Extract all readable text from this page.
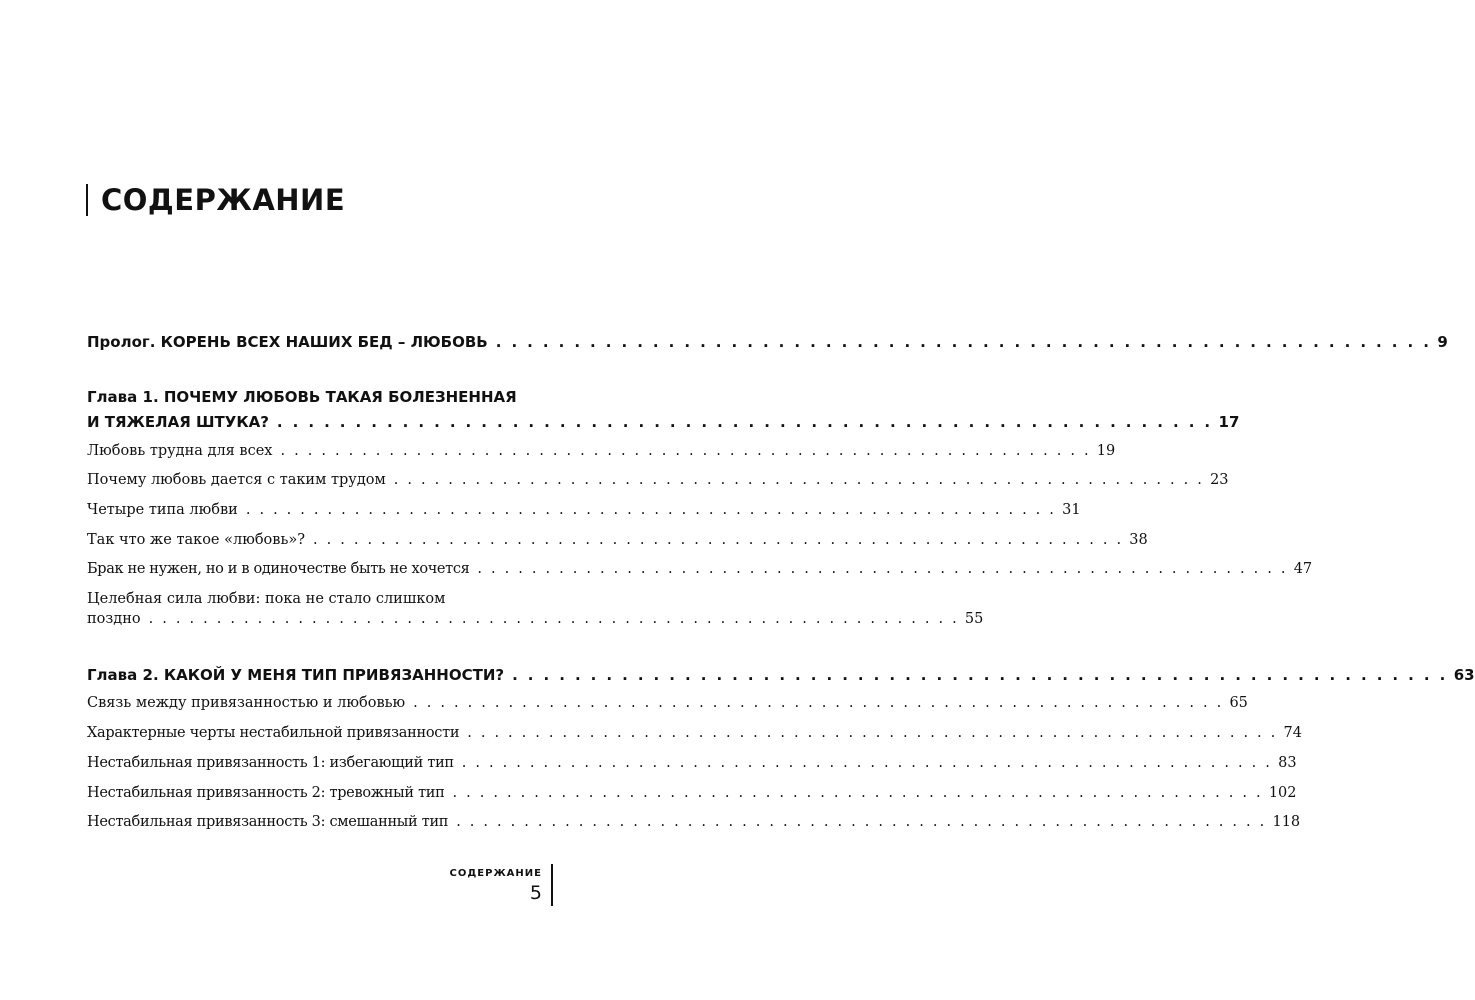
СОДЕРЖАНИЕ
Пролог. КОРЕНЬ ВСЕХ НАШИХ БЕД – ЛЮБОВЬ . . . . . . . . . . . . . . . . . . . . . . . . . . . . . . . . . . . . . . . . . . . . . . . . . . . . . . . . . . . . 9
Глава 1. ПОЧЕМУ ЛЮБОВЬ ТАКАЯ БОЛЕЗНЕННАЯ
И ТЯЖЕЛАЯ ШТУКА? . . . . . . . . . . . . . . . . . . . . . . . . . . . . . . . . . . . . . . . . . . . . . . . . . . . . . . . . . . . . 17
Любовь трудна для всех . . . . . . . . . . . . . . . . . . . . . . . . . . . . . . . . . . . . . . . . . . . . . . . . . . . . . . . . . . . . 19
Почему любовь дается с таким трудом . . . . . . . . . . . . . . . . . . . . . . . . . . . . . . . . . . . . . . . . . . . . . . . . . . . . . . . . . . . . 23
Четыре типа любви . . . . . . . . . . . . . . . . . . . . . . . . . . . . . . . . . . . . . . . . . . . . . . . . . . . . . . . . . . . . 31
Так что же такое «любовь»? . . . . . . . . . . . . . . . . . . . . . . . . . . . . . . . . . . . . . . . . . . . . . . . . . . . . . . . . . . . . 38
Брак не нужен, но и в одиночестве быть не хочется . . . . . . . . . . . . . . . . . . . . . . . . . . . . . . . . . . . . . . . . . . . . . . . . . . . . . . . . . . . . 47
Целебная сила любви: пока не стало слишком
поздно . . . . . . . . . . . . . . . . . . . . . . . . . . . . . . . . . . . . . . . . . . . . . . . . . . . . . . . . . . . . 55
Глава 2. КАКОЙ У МЕНЯ ТИП ПРИВЯЗАННОСТИ? . . . . . . . . . . . . . . . . . . . . . . . . . . . . . . . . . . . . . . . . . . . . . . . . . . . . . . . . . . . . 63
Связь между привязанностью и любовью . . . . . . . . . . . . . . . . . . . . . . . . . . . . . . . . . . . . . . . . . . . . . . . . . . . . . . . . . . . . 65
Характерные черты нестабильной привязанности . . . . . . . . . . . . . . . . . . . . . . . . . . . . . . . . . . . . . . . . . . . . . . . . . . . . . . . . . . . . 74
Нестабильная привязанность 1: избегающий тип . . . . . . . . . . . . . . . . . . . . . . . . . . . . . . . . . . . . . . . . . . . . . . . . . . . . . . . . . . . . 83
Нестабильная привязанность 2: тревожный тип . . . . . . . . . . . . . . . . . . . . . . . . . . . . . . . . . . . . . . . . . . . . . . . . . . . . . . . . . . . . 102
Нестабильная привязанность 3: смешанный тип . . . . . . . . . . . . . . . . . . . . . . . . . . . . . . . . . . . . . . . . . . . . . . . . . . . . . . . . . . . . 118
СОДЕРЖАНИЕ
5
